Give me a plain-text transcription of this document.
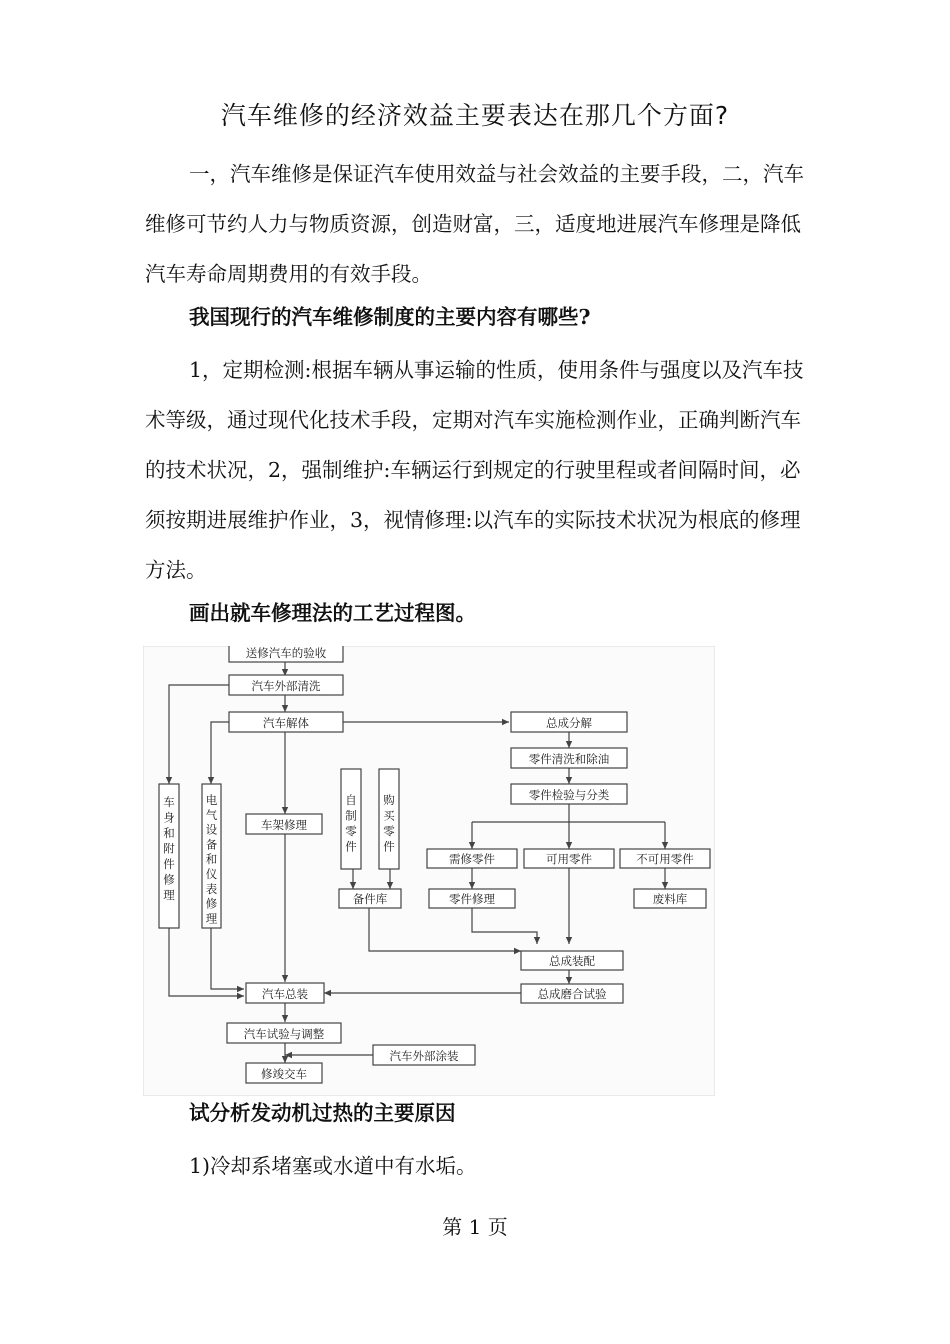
汽车维修的经济效益主要表达在那几个方面?

一，汽车维修是保证汽车使用效益与社会效益的主要手段，二，汽车维修可节约人力与物质资源，创造财富，三，适度地进展汽车修理是降低汽车寿命周期费用的有效手段。

我国现行的汽车维修制度的主要内容有哪些?

1，定期检测:根据车辆从事运输的性质，使用条件与强度以及汽车技术等级，通过现代化技术手段，定期对汽车实施检测作业，正确判断汽车的技术状况，2，强制维护:车辆运行到规定的行驶里程或者间隔时间，必须按期进展维护作业，3，视情修理:以汽车的实际技术状况为根底的修理方法。

画出就车修理法的工艺过程图。

送修汽车的验收
汽车外部清洗
汽车解体	总成分解
零件清洗和除油
零件检验与分类
车架修理
需修零件	可用零件	不可用零件
备件库	零件修理	废料库
总成装配
总成磨合试验
汽车总装
汽车试验与调整
汽车外部涂装
修竣交车
车身和附件修理
电气设备和仪表修理
自制零件
购买零件

试分析发动机过热的主要原因

1)冷却系堵塞或水道中有水垢。

第 1 页
